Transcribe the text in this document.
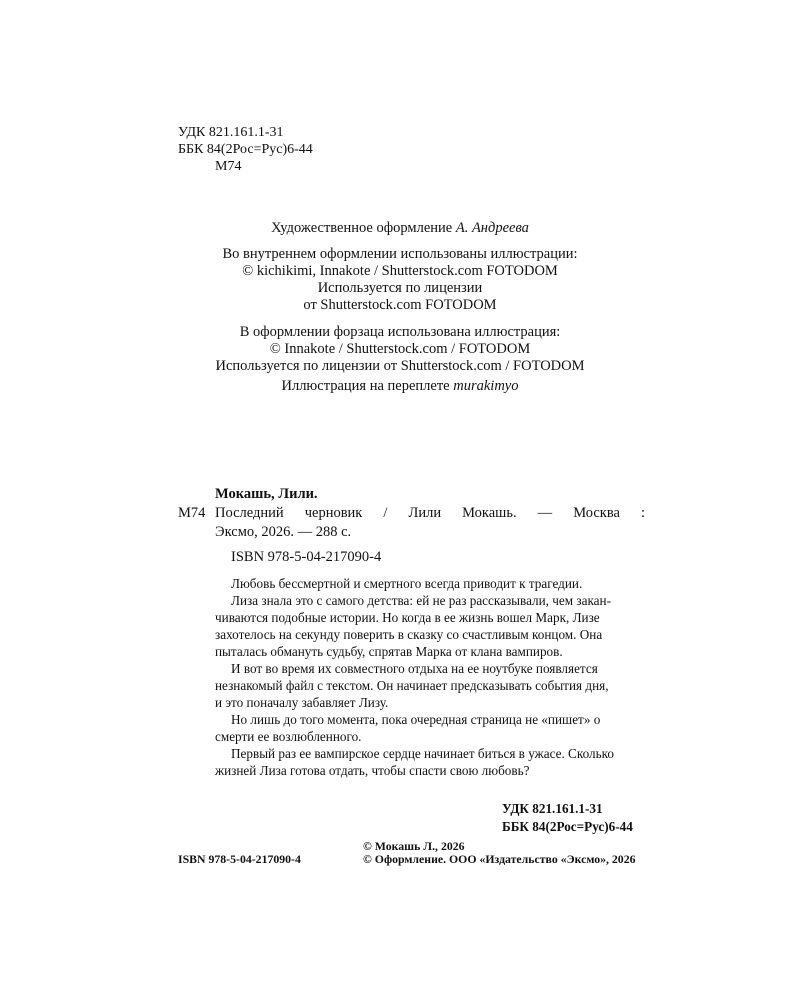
УДК 821.161.1-31
ББК 84(2Рос=Рус)6-44
М74
Художественное оформление А. Андреева
Во внутреннем оформлении использованы иллюстрации:
© kichikimi, Innakote / Shutterstock.com FOTODOM
Используется по лицензии
от Shutterstock.com FOTODOM
В оформлении форзаца использована иллюстрация:
© Innakote / Shutterstock.com / FOTODOM
Используется по лицензии от Shutterstock.com / FOTODOM
Иллюстрация на переплете murakimyo
Мокашь, Лили.
М74 Последний черновик / Лили Мокашь. — Москва :
Эксмо, 2026. — 288 с.
ISBN 978-5-04-217090-4
Любовь бессмертной и смертного всегда приводит к трагедии.
Лиза знала это с самого детства: ей не раз рассказывали, чем закан-
чиваются подобные истории. Но когда в ее жизнь вошел Марк, Лизе
захотелось на секунду поверить в сказку со счастливым концом. Она
пыталась обмануть судьбу, спрятав Марка от клана вампиров.
И вот во время их совместного отдыха на ее ноутбуке появляется
незнакомый файл с текстом. Он начинает предсказывать события дня,
и это поначалу забавляет Лизу.
Но лишь до того момента, пока очередная страница не «пишет» о
смерти ее возлюбленного.
Первый раз ее вампирское сердце начинает биться в ужасе. Сколько
жизней Лиза готова отдать, чтобы спасти свою любовь?
УДК 821.161.1-31
ББК 84(2Рос=Рус)6-44
© Мокашь Л., 2026
ISBN 978-5-04-217090-4	© Оформление. ООО «Издательство «Эксмо», 2026
